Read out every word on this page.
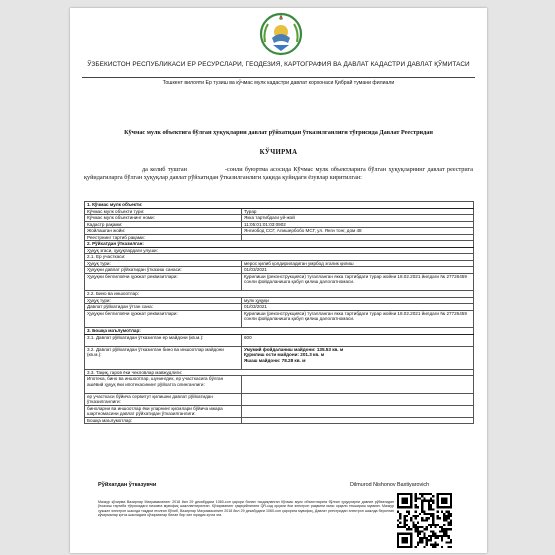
ЎЗБЕКИСТОН РЕСПУБЛИКАСИ ЕР РЕСУРСЛАРИ, ГЕОДЕЗИЯ, КАРТОГРАФИЯ ВА ДАВЛАТ КАДАСТРИ ДАВЛАТ ҚЎМИТАСИ
Тошкент вилояти Ер тузиш ва кўчмас мулк кадастри давлат корхонаси Қибрай тумани филиали
Кўчмас мулк объектига бўлган ҳуқуқларни давлат рўйхатидан ўтказилганлиги тўғрисида Давлат Реестридан
КЎЧИРМА
да келиб тушган	-сонли буюртма асосида Кўчмас мулк объектларига бўлган ҳуқуқларнинг давлат реестрига қуйидагиларга бўлган ҳуқуқлар давлат рўйхатидан ўтказилганлиги ҳақида қуйидаги ёзувлар киритилган:
1. Кўчмас мулк объекти:	
Кўчмас мулк объекти тури:	Турар
Кўчмас мулк объектининг номи:	Якка тартибдаги уй-жой
Кадастр рақами:	11:05:01:01:03:0902
Жойлашган жойи:	Янгиобод ССГ, Алишербобо МСГ, ул. Янги тонг, дом 48
Реестрнинг тартиб рақами:	
2. Рўйхатдан ўтказилган:	
Ҳуқуқ эгаси, ҳуқуқлардаги улуши:	
2.1. Ер участкаси:	
Ҳуқуқ тури:	мерос қилиб қолдириладиган умрбод эгалик қилиш
Ҳуқуқни давлат рўйхатидан ўтказиш санаси:	01/03/2021
Ҳуқуқни белгиловчи ҳужжат реквизитлари:	Қурилиши (реконструкцияси) тугалланган якка тартибдаги турар жойни 18.02.2021 йилдаги № 27726459 сонли фойдаланишга қабул қилиш далолатномаси.
2.2. Бино ва иншоотлар:	
Ҳуқуқ тури:	мулк ҳуқуқи
Давлат рўйхатидан ўтган сана:	01/03/2021
Ҳуқуқни белгиловчи ҳужжат реквизитлари:	Қурилиши (реконструкцияси) тугалланган якка тартибдаги турар жойни 18.02.2021 йилдаги № 27726459 сонли фойдаланишга қабул қилиш далолатномаси.
3. Бошқа маълумотлар:	
3.1. Давлат рўйхатидан ўтказилган ер майдони (кв.м.):	600
3.2. Давлат рўйхатидан ўтказилган бино ва иншоотлар майдони (кв.м.):	Умумий фойдаланиш майдони: 135.53 кв. м
Қурилиш ости майдони: 201.3 кв. м
Яшаш майдони: 78.28 кв. м

3.3. Тақиқ, гаров ёки чекловлар мавжудлиги:	
Ипотека, бино ва иншоотлар, шунингдек, ер участкасига бўлган ашёвий ҳуқуқ ёки ипотекасининг рўйхатга олинганлиги:	
ер участкаси бўйича сервитут қилишни давлат рўйхатидан ўтказилганлиги:	
биноларни ва иншоотлар ёки уларнинг қисмлари бўйича ижара шартномасини давлат рўйхатидан ўтказилганлиги:	
Бошқа маълумотлар:	
Рўйхатдан ўтказувчи	Dilmurod Nishonov Baxtiyarovich
Мазкур кўчирма Вазирлар Маҳкамасининг 2018 йил 29 декабрдаги 1060-сон қарори билан тасдиқланган Кўчмас мулк объектларига бўлган ҳуқуқларни давлат рўйхатидан ўтказиш тартиби тўғрисидаги низомга мувофиқ шакллантирилган. Кўчирманинг ҳақиқийлигини QR-код орқали ёки электрон рақамли имзо орқали текшириш мумкин. Мазкур ҳужжат электрон шаклда тақдим этилган бўлиб, Вазирлар Маҳкамасининг 2018 йил 29 декабрдаги 1060-сон қарорига мувофиқ, Давлат реестридан электрон шаклда берилган кўчирмалар қоғоз шаклидаги кўчирмалар билан бир хил юридик кучга эга.
